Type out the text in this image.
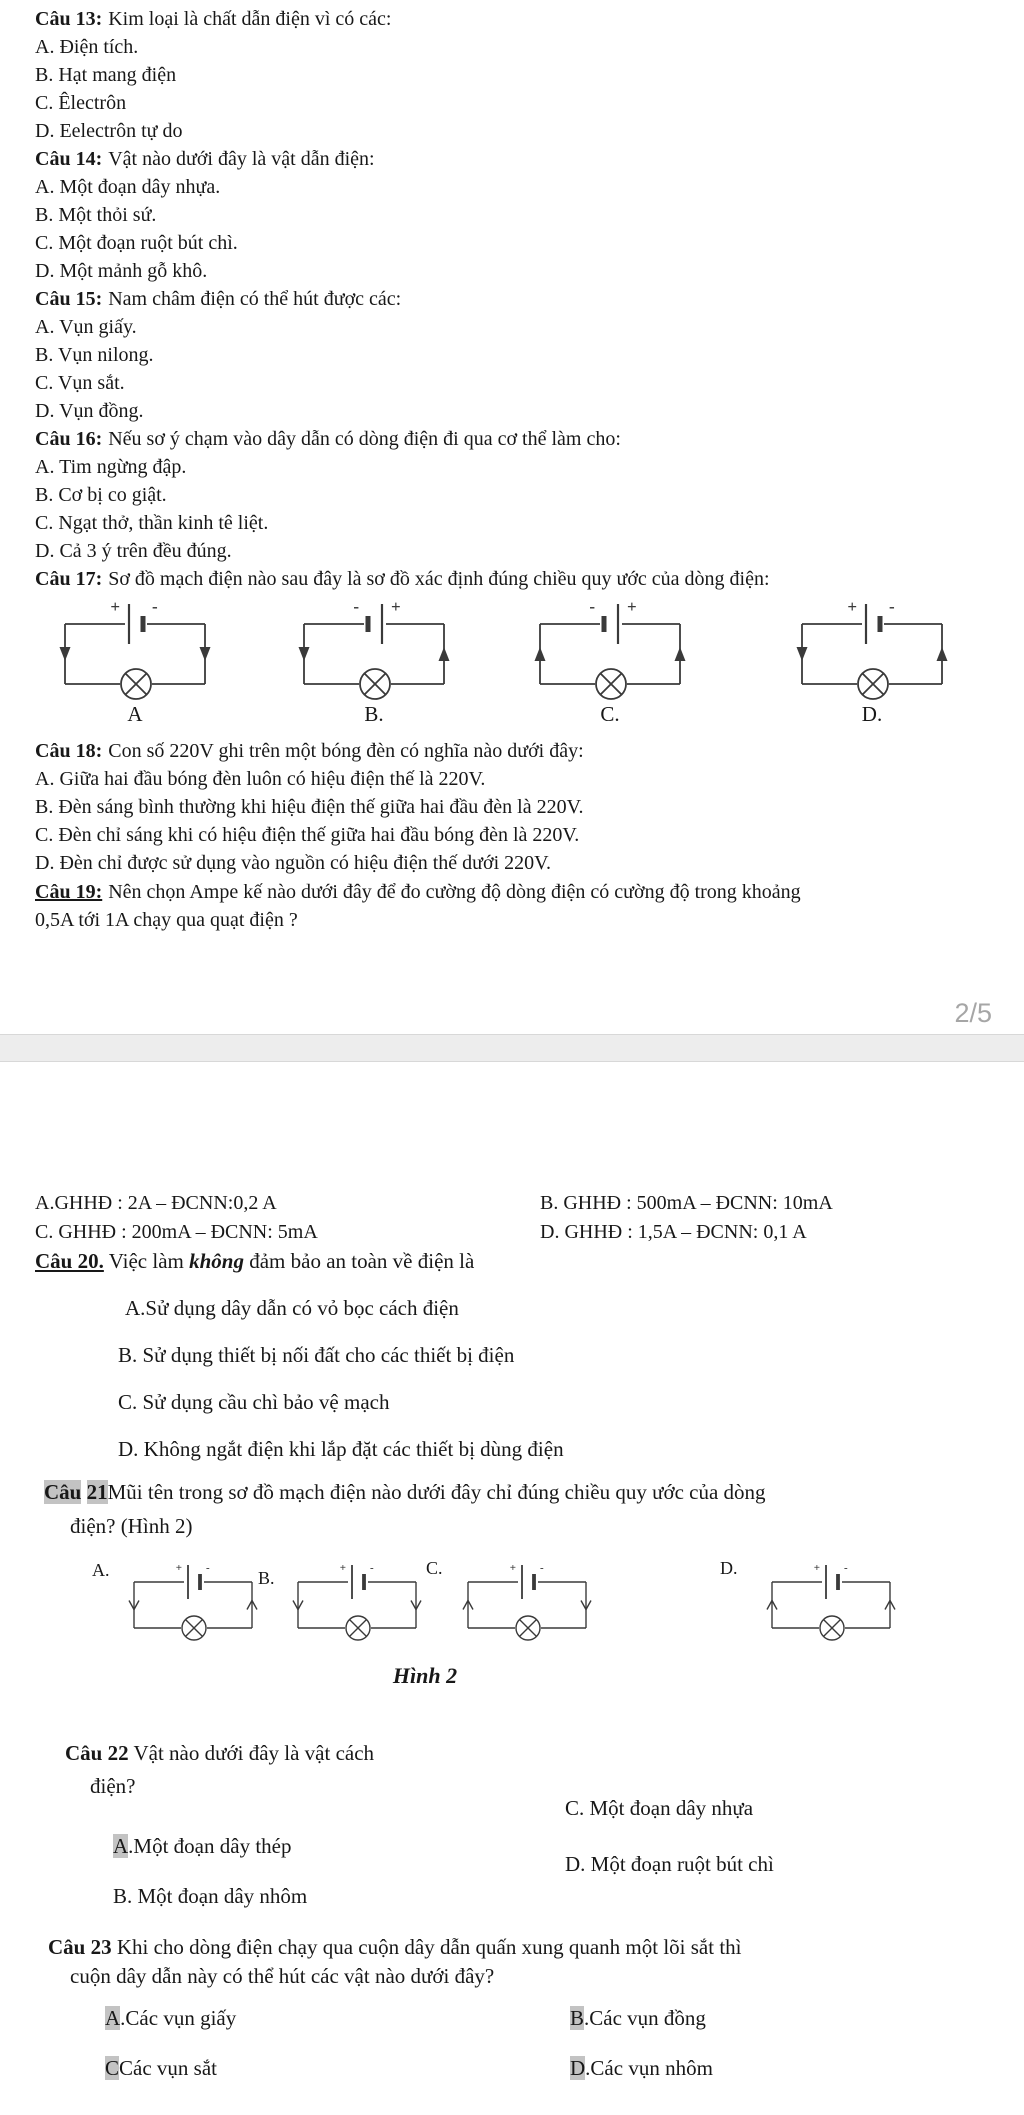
Câu 13: Kim loại là chất dẫn điện vì có các:
A. Điện tích.
B. Hạt mang điện
C. Êlectrôn
D. Eelectrôn tự do
Câu 14: Vật nào dưới đây là vật dẫn điện:
A. Một đoạn dây nhựa.
B. Một thỏi sứ.
C. Một đoạn ruột bút chì.
D. Một mảnh gỗ khô.
Câu 15: Nam châm điện có thể hút được các:
A. Vụn giấy.
B. Vụn nilong.
C. Vụn sắt.
D. Vụn đồng.
Câu 16: Nếu sơ ý chạm vào dây dẫn có dòng điện đi qua cơ thể làm cho:
A. Tim ngừng đập.
B. Cơ bị co giật.
C. Ngạt thở, thần kinh tê liệt.
D. Cả 3 ý trên đều đúng.
Câu 17: Sơ đồ mạch điện nào sau đây là sơ đồ xác định đúng chiều quy ước của dòng điện:
+ -	- +	- +	+ -
A	B.	C.	D.
Câu 18: Con số 220V ghi trên một bóng đèn có nghĩa nào dưới đây:
A. Giữa hai đầu bóng đèn luôn có hiệu điện thế là 220V.
B. Đèn sáng bình thường khi hiệu điện thế giữa hai đầu đèn là 220V.
C. Đèn chỉ sáng khi có hiệu điện thế giữa hai đầu bóng đèn là 220V.
D. Đèn chỉ được sử dụng vào nguồn có hiệu điện thế dưới 220V.
Câu 19: Nên chọn Ampe kế nào dưới đây để đo cường độ dòng điện có cường độ trong khoảng
0,5A tới 1A chạy qua quạt điện ?
2/5
A.GHHĐ : 2A – ĐCNN:0,2 A	B. GHHĐ : 500mA – ĐCNN: 10mA
C. GHHĐ : 200mA – ĐCNN: 5mA	D. GHHĐ : 1,5A – ĐCNN: 0,1 A
Câu 20. Việc làm không đảm bảo an toàn về điện là
A.Sử dụng dây dẫn có vỏ bọc cách điện
B. Sử dụng thiết bị nối đất cho các thiết bị điện
C. Sử dụng cầu chì bảo vệ mạch
D. Không ngắt điện khi lắp đặt các thiết bị dùng điện
Câu 21Mũi tên trong sơ đồ mạch điện nào dưới đây chỉ đúng chiều quy ước của dòng
điện? (Hình 2)
+ -	+ -	+ -	+ -
A.	B.	C.	D.
Hình 2
Câu 22 Vật nào dưới đây là vật cách
điện?
C. Một đoạn dây nhựa
A.Một đoạn dây thép
D. Một đoạn ruột bút chì
B. Một đoạn dây nhôm
Câu 23 Khi cho dòng điện chạy qua cuộn dây dẫn quấn xung quanh một lõi sắt thì
cuộn dây dẫn này có thể hút các vật nào dưới đây?
A.Các vụn giấy	B.Các vụn đồng
CCác vụn sắt	D.Các vụn nhôm
